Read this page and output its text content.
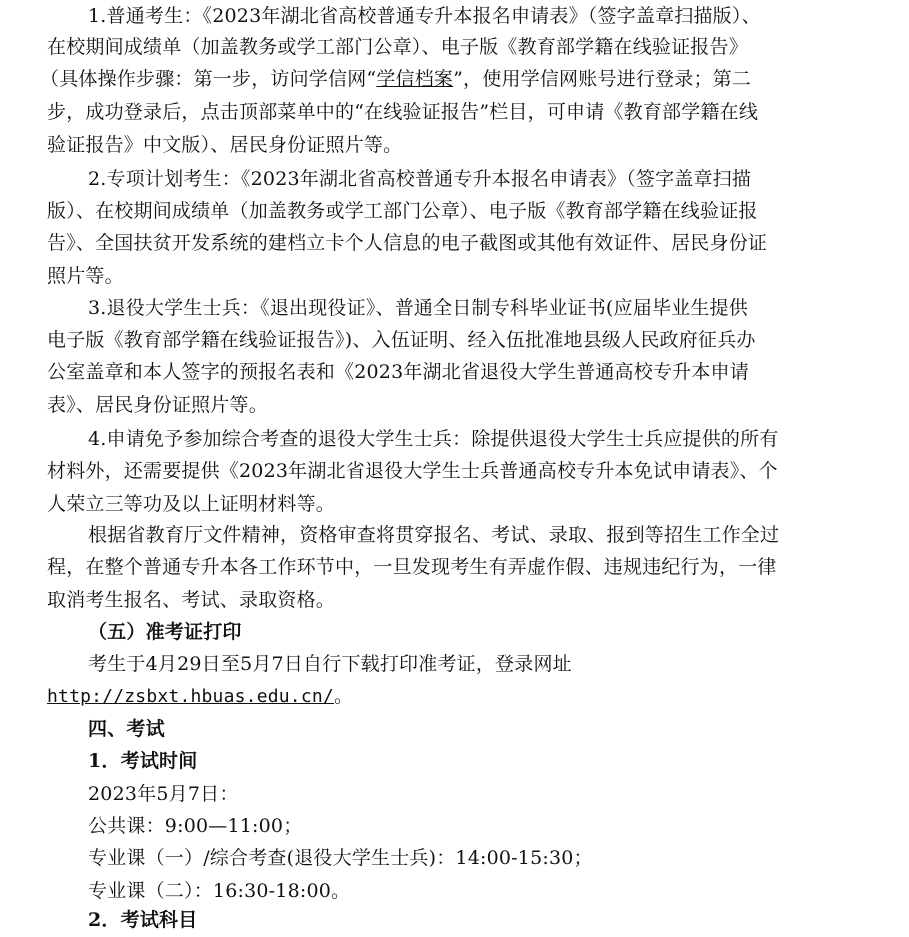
1.普通考生：《2023年湖北省高校普通专升本报名申请表》（签字盖章扫描版）、
在校期间成绩单（加盖教务或学工部门公章）、电子版《教育部学籍在线验证报告》
（具体操作步骤：第一步，访问学信网“学信档案”，使用学信网账号进行登录；第二
步，成功登录后，点击顶部菜单中的“在线验证报告”栏目，可申请《教育部学籍在线
验证报告》中文版）、居民身份证照片等。
2.专项计划考生：《2023年湖北省高校普通专升本报名申请表》（签字盖章扫描
版）、在校期间成绩单（加盖教务或学工部门公章）、电子版《教育部学籍在线验证报
告》、全国扶贫开发系统的建档立卡个人信息的电子截图或其他有效证件、居民身份证
照片等。
3.退役大学生士兵：《退出现役证》、普通全日制专科毕业证书(应届毕业生提供
电子版《教育部学籍在线验证报告》)、入伍证明、经入伍批准地县级人民政府征兵办
公室盖章和本人签字的预报名表和《2023年湖北省退役大学生普通高校专升本申请
表》、居民身份证照片等。
4.申请免予参加综合考查的退役大学生士兵：除提供退役大学生士兵应提供的所有
材料外，还需要提供《2023年湖北省退役大学生士兵普通高校专升本免试申请表》、个
人荣立三等功及以上证明材料等。
根据省教育厅文件精神，资格审查将贯穿报名、考试、录取、报到等招生工作全过
程，在整个普通专升本各工作环节中，一旦发现考生有弄虚作假、违规违纪行为，一律
取消考生报名、考试、录取资格。
（五）准考证打印
考生于4月29日至5月7日自行下载打印准考证，登录网址
http://zsbxt.hbuas.edu.cn/。
四、考试
1．考试时间
2023年5月7日：
公共课：9:00—11:00；
专业课（一）/综合考查(退役大学生士兵)：14:00-15:30；
专业课（二）：16:30-18:00。
2．考试科目
